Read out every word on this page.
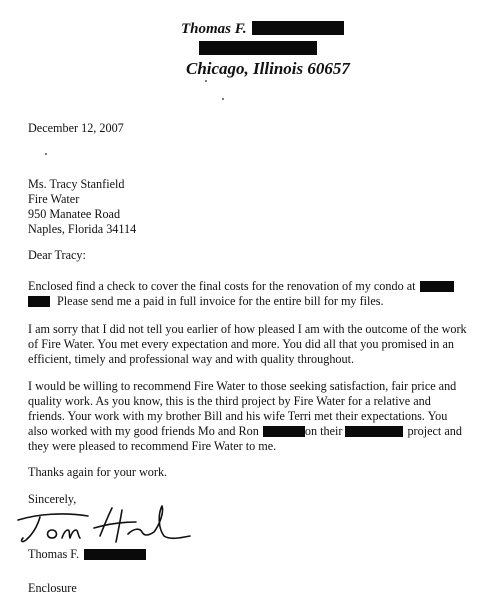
Thomas F.
Chicago, Illinois 60657
December 12, 2007
Ms. Tracy Stanfield
Fire Water
950 Manatee Road
Naples, Florida 34114
Dear Tracy:
Enclosed find a check to cover the final costs for the renovation of my condo at
Please send me a paid in full invoice for the entire bill for my files.
I am sorry that I did not tell you earlier of how pleased I am with the outcome of the work
of Fire Water. You met every expectation and more. You did all that you promised in an
efficient, timely and professional way and with quality throughout.
I would be willing to recommend Fire Water to those seeking satisfaction, fair price and
quality work. As you know, this is the third project by Fire Water for a relative and
friends. Your work with my brother Bill and his wife Terri met their expectations. You
also worked with my good friends Mo and Ron	on their	project and
they were pleased to recommend Fire Water to me.
Thanks again for your work.
Sincerely,
Thomas F.
Enclosure
